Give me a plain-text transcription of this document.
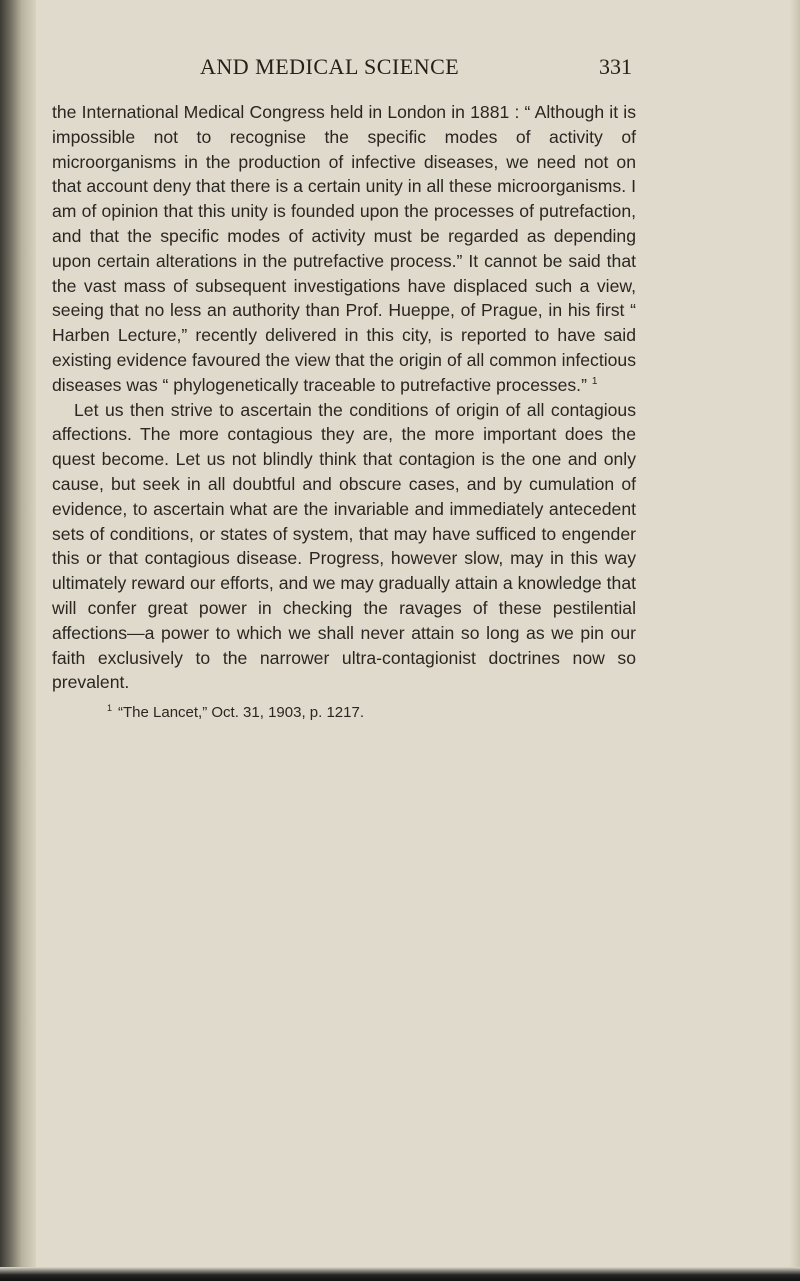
AND MEDICAL SCIENCE	331

the International Medical Congress held in London in 1881 : “ Although it is impossible not to recognise the specific modes of activity of microorganisms in the production of infective diseases, we need not on that account deny that there is a certain unity in all these microorganisms. I am of opinion that this unity is founded upon the processes of putrefaction, and that the specific modes of activity must be regarded as depending upon certain alterations in the putrefactive process.” It cannot be said that the vast mass of subsequent investigations have displaced such a view, seeing that no less an authority than Prof. Hueppe, of Prague, in his first “ Harben Lecture,” recently delivered in this city, is reported to have said existing evidence favoured the view that the origin of all common infectious diseases was “ phylogenetically traceable to putrefactive processes.” $^1$

Let us then strive to ascertain the conditions of origin of all contagious affections. The more contagious they are, the more important does the quest become. Let us not blindly think that contagion is the one and only cause, but seek in all doubtful and obscure cases, and by cumulation of evidence, to ascertain what are the invariable and immediately antecedent sets of conditions, or states of system, that may have sufficed to engender this or that contagious disease. Progress, however slow, may in this way ultimately reward our efforts, and we may gradually attain a knowledge that will confer great power in checking the ravages of these pestilential affections—a power to which we shall never attain so long as we pin our faith exclusively to the narrower ultra-contagionist doctrines now so prevalent.

$^1$ “The Lancet,” Oct. 31, 1903, p. 1217.
